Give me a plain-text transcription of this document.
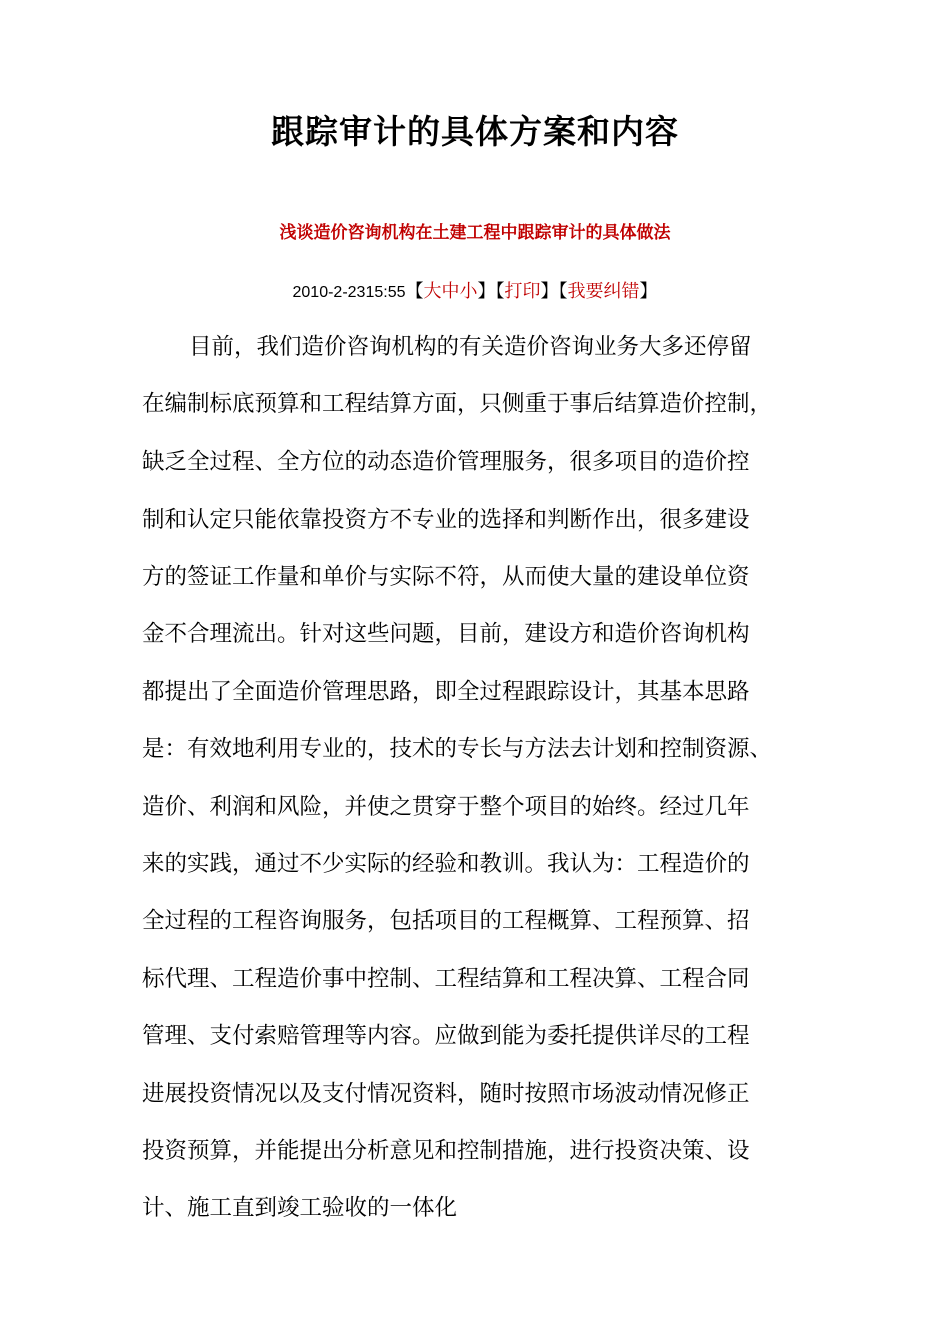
跟踪审计的具体方案和内容
浅谈造价咨询机构在土建工程中跟踪审计的具体做法
2010-2-2315:55【大中小】【打印】【我要纠错】
目前，我们造价咨询机构的有关造价咨询业务大多还停留
在编制标底预算和工程结算方面，只侧重于事后结算造价控制，
缺乏全过程、全方位的动态造价管理服务，很多项目的造价控
制和认定只能依靠投资方不专业的选择和判断作出，很多建设
方的签证工作量和单价与实际不符，从而使大量的建设单位资
金不合理流出。针对这些问题，目前，建设方和造价咨询机构
都提出了全面造价管理思路，即全过程跟踪设计，其基本思路
是：有效地利用专业的，技术的专长与方法去计划和控制资源、
造价、利润和风险，并使之贯穿于整个项目的始终。经过几年
来的实践，通过不少实际的经验和教训。我认为：工程造价的
全过程的工程咨询服务，包括项目的工程概算、工程预算、招
标代理、工程造价事中控制、工程结算和工程决算、工程合同
管理、支付索赔管理等内容。应做到能为委托提供详尽的工程
进展投资情况以及支付情况资料，随时按照市场波动情况修正
投资预算，并能提出分析意见和控制措施，进行投资决策、设
计、施工直到竣工验收的一体化
